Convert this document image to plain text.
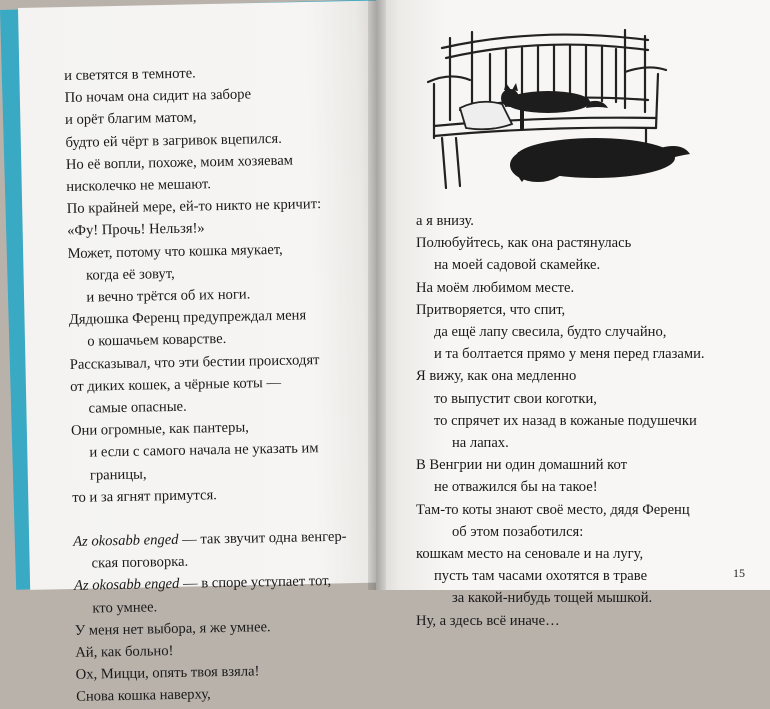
и светятся в темноте.

По ночам она сидит на заборе

и орёт благим матом,

будто ей чёрт в загривок вцепился.

Но её вопли, похоже, моим хозяевам

нисколечко не мешают.

По крайней мере, ей-то никто не кричит:

«Фу! Прочь! Нельзя!»

Может, потому что кошка мяукает,

когда её зовут,

и вечно трётся об их ноги.

Дядюшка Ференц предупреждал меня

о кошачьем коварстве.

Рассказывал, что эти бестии происходят

от диких кошек, а чёрные коты —

самые опасные.

Они огромные, как пантеры,

и если с самого начала не указать им

границы,

то и за ягнят примутся.

Az okosabb enged — так звучит одна венгер-

ская поговорка.

Az okosabb enged — в споре уступает тот,

кто умнее.

У меня нет выбора, я же умнее.

Ай, как больно!

Ох, Мицци, опять твоя взяла!

Снова кошка наверху,

а я внизу.

Полюбуйтесь, как она растянулась

на моей садовой скамейке.

На моём любимом месте.

Притворяется, что спит,

да ещё лапу свесила, будто случайно,

и та болтается прямо у меня перед глазами.

Я вижу, как она медленно

то выпустит свои коготки,

то спрячет их назад в кожаные подушечки

на лапах.

В Венгрии ни один домашний кот

не отважился бы на такое!

Там-то коты знают своё место, дядя Ференц

об этом позаботился:

кошкам место на сеновале и на лугу,

пусть там часами охотятся в траве

за какой-нибудь тощей мышкой.

Ну, а здесь всё иначе…

15
